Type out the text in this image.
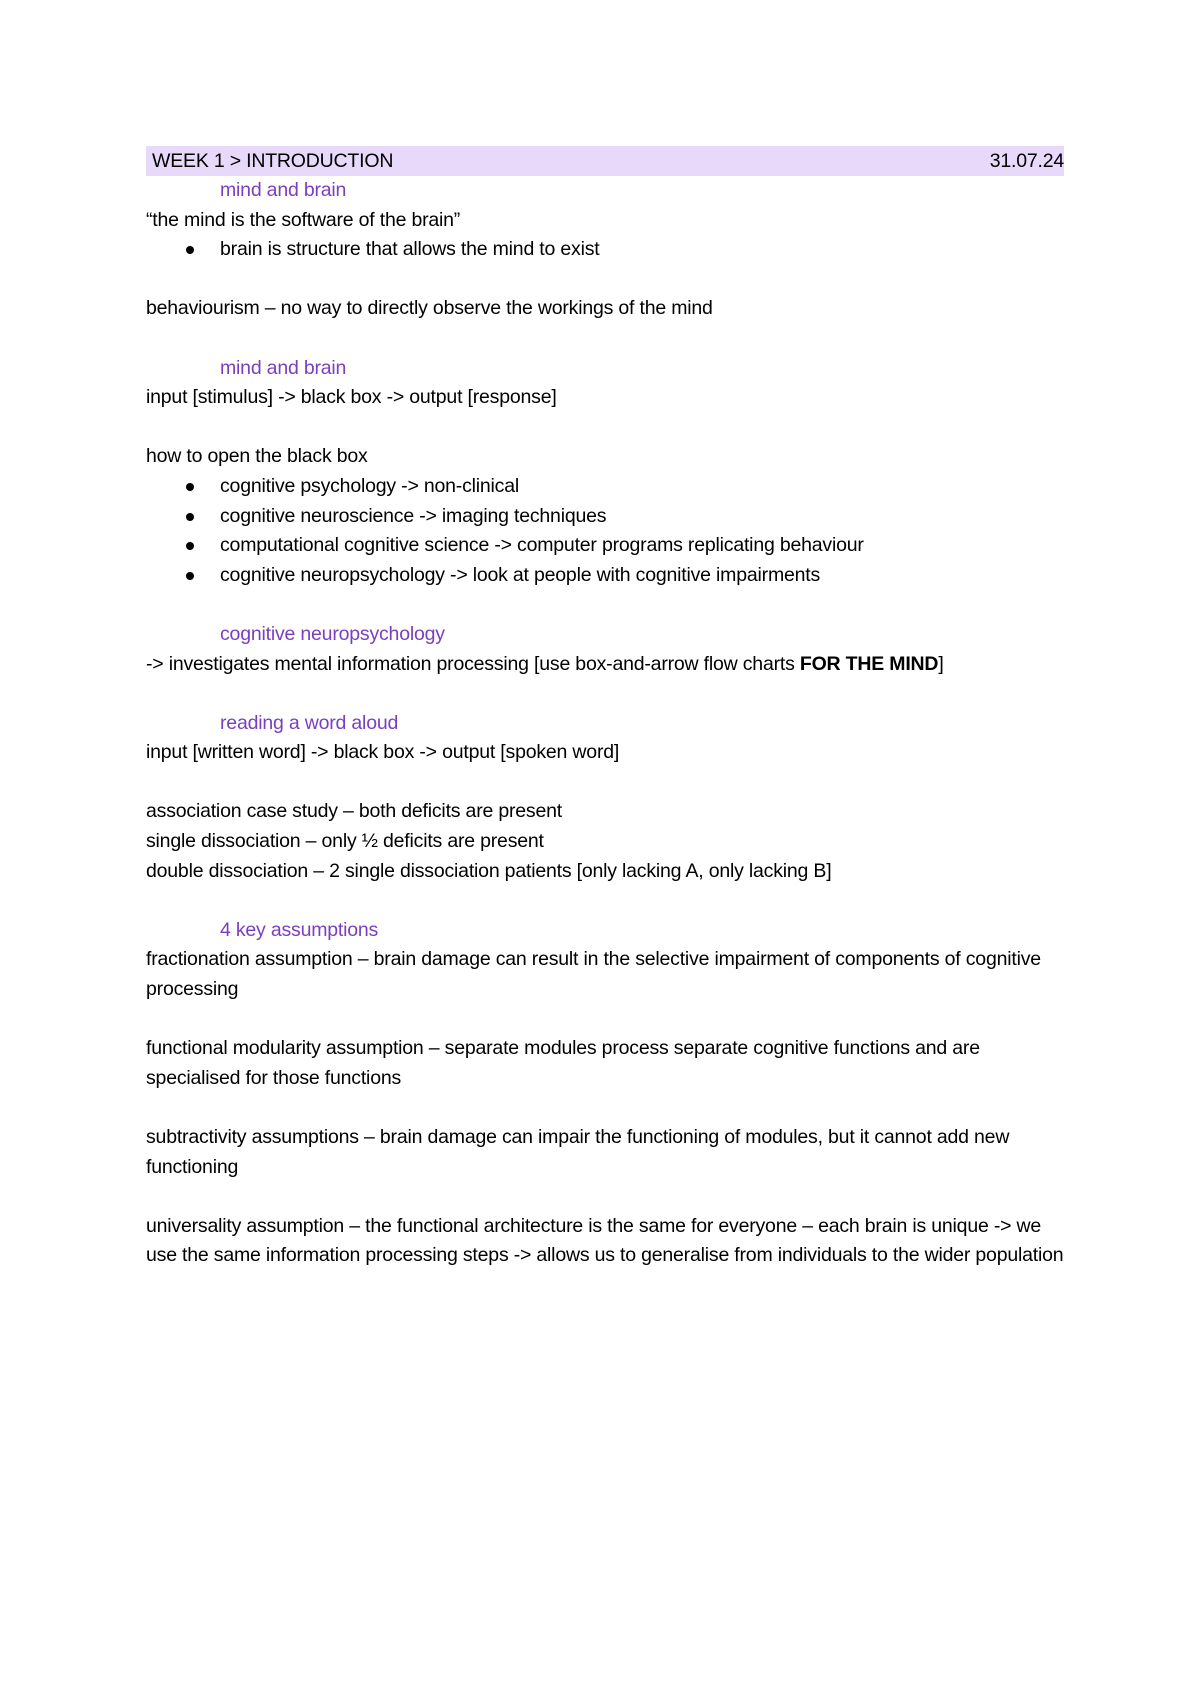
WEEK 1 > INTRODUCTION	31.07.24
mind and brain
“the mind is the software of the brain”
brain is structure that allows the mind to exist
behaviourism – no way to directly observe the workings of the mind
mind and brain
input [stimulus] -> black box -> output [response]
how to open the black box
cognitive psychology -> non-clinical
cognitive neuroscience -> imaging techniques
computational cognitive science -> computer programs replicating behaviour
cognitive neuropsychology -> look at people with cognitive impairments
cognitive neuropsychology
-> investigates mental information processing [use box-and-arrow flow charts FOR THE MIND]
reading a word aloud
input [written word] -> black box -> output [spoken word]
association case study – both deficits are present
single dissociation – only ½ deficits are present
double dissociation – 2 single dissociation patients [only lacking A, only lacking B]
4 key assumptions
fractionation assumption – brain damage can result in the selective impairment of components of cognitive processing
functional modularity assumption – separate modules process separate cognitive functions and are specialised for those functions
subtractivity assumptions – brain damage can impair the functioning of modules, but it cannot add new functioning
universality assumption – the functional architecture is the same for everyone – each brain is unique -> we use the same information processing steps -> allows us to generalise from individuals to the wider population
